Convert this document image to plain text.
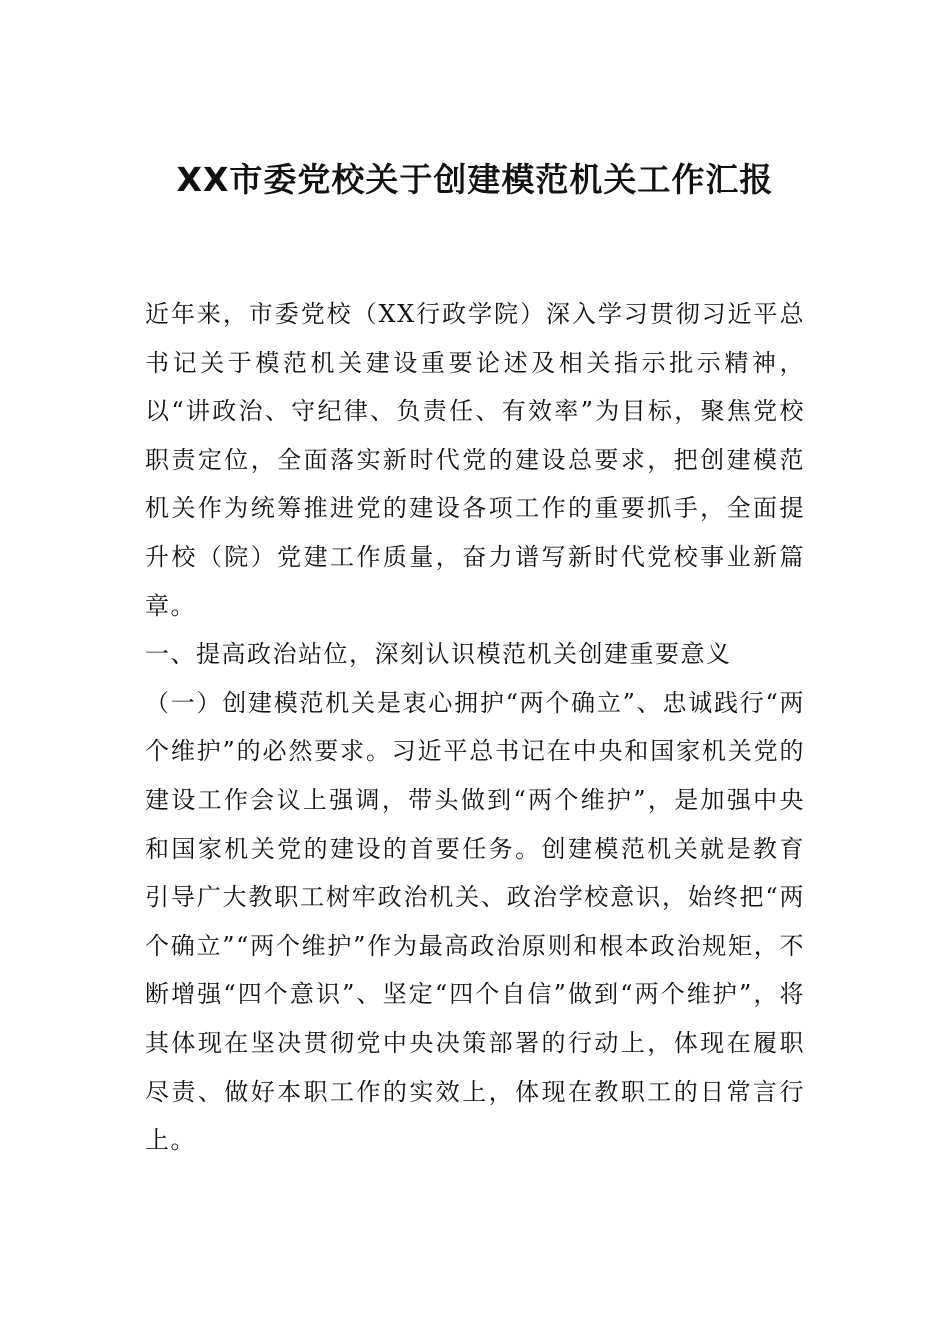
XX市委党校关于创建模范机关工作汇报

近年来，市委党校（XX行政学院）深入学习贯彻习近平总书记关于模范机关建设重要论述及相关指示批示精神，以“讲政治、守纪律、负责任、有效率”为目标，聚焦党校职责定位，全面落实新时代党的建设总要求，把创建模范机关作为统筹推进党的建设各项工作的重要抓手，全面提升校（院）党建工作质量，奋力谱写新时代党校事业新篇章。

一、提高政治站位，深刻认识模范机关创建重要意义

（一）创建模范机关是衷心拥护“两个确立”、忠诚践行“两个维护”的必然要求。习近平总书记在中央和国家机关党的建设工作会议上强调，带头做到“两个维护”，是加强中央和国家机关党的建设的首要任务。创建模范机关就是教育引导广大教职工树牢政治机关、政治学校意识，始终把“两个确立”“两个维护”作为最高政治原则和根本政治规矩，不断增强“四个意识”、坚定“四个自信”做到“两个维护”，将其体现在坚决贯彻党中央决策部署的行动上，体现在履职尽责、做好本职工作的实效上，体现在教职工的日常言行上。
